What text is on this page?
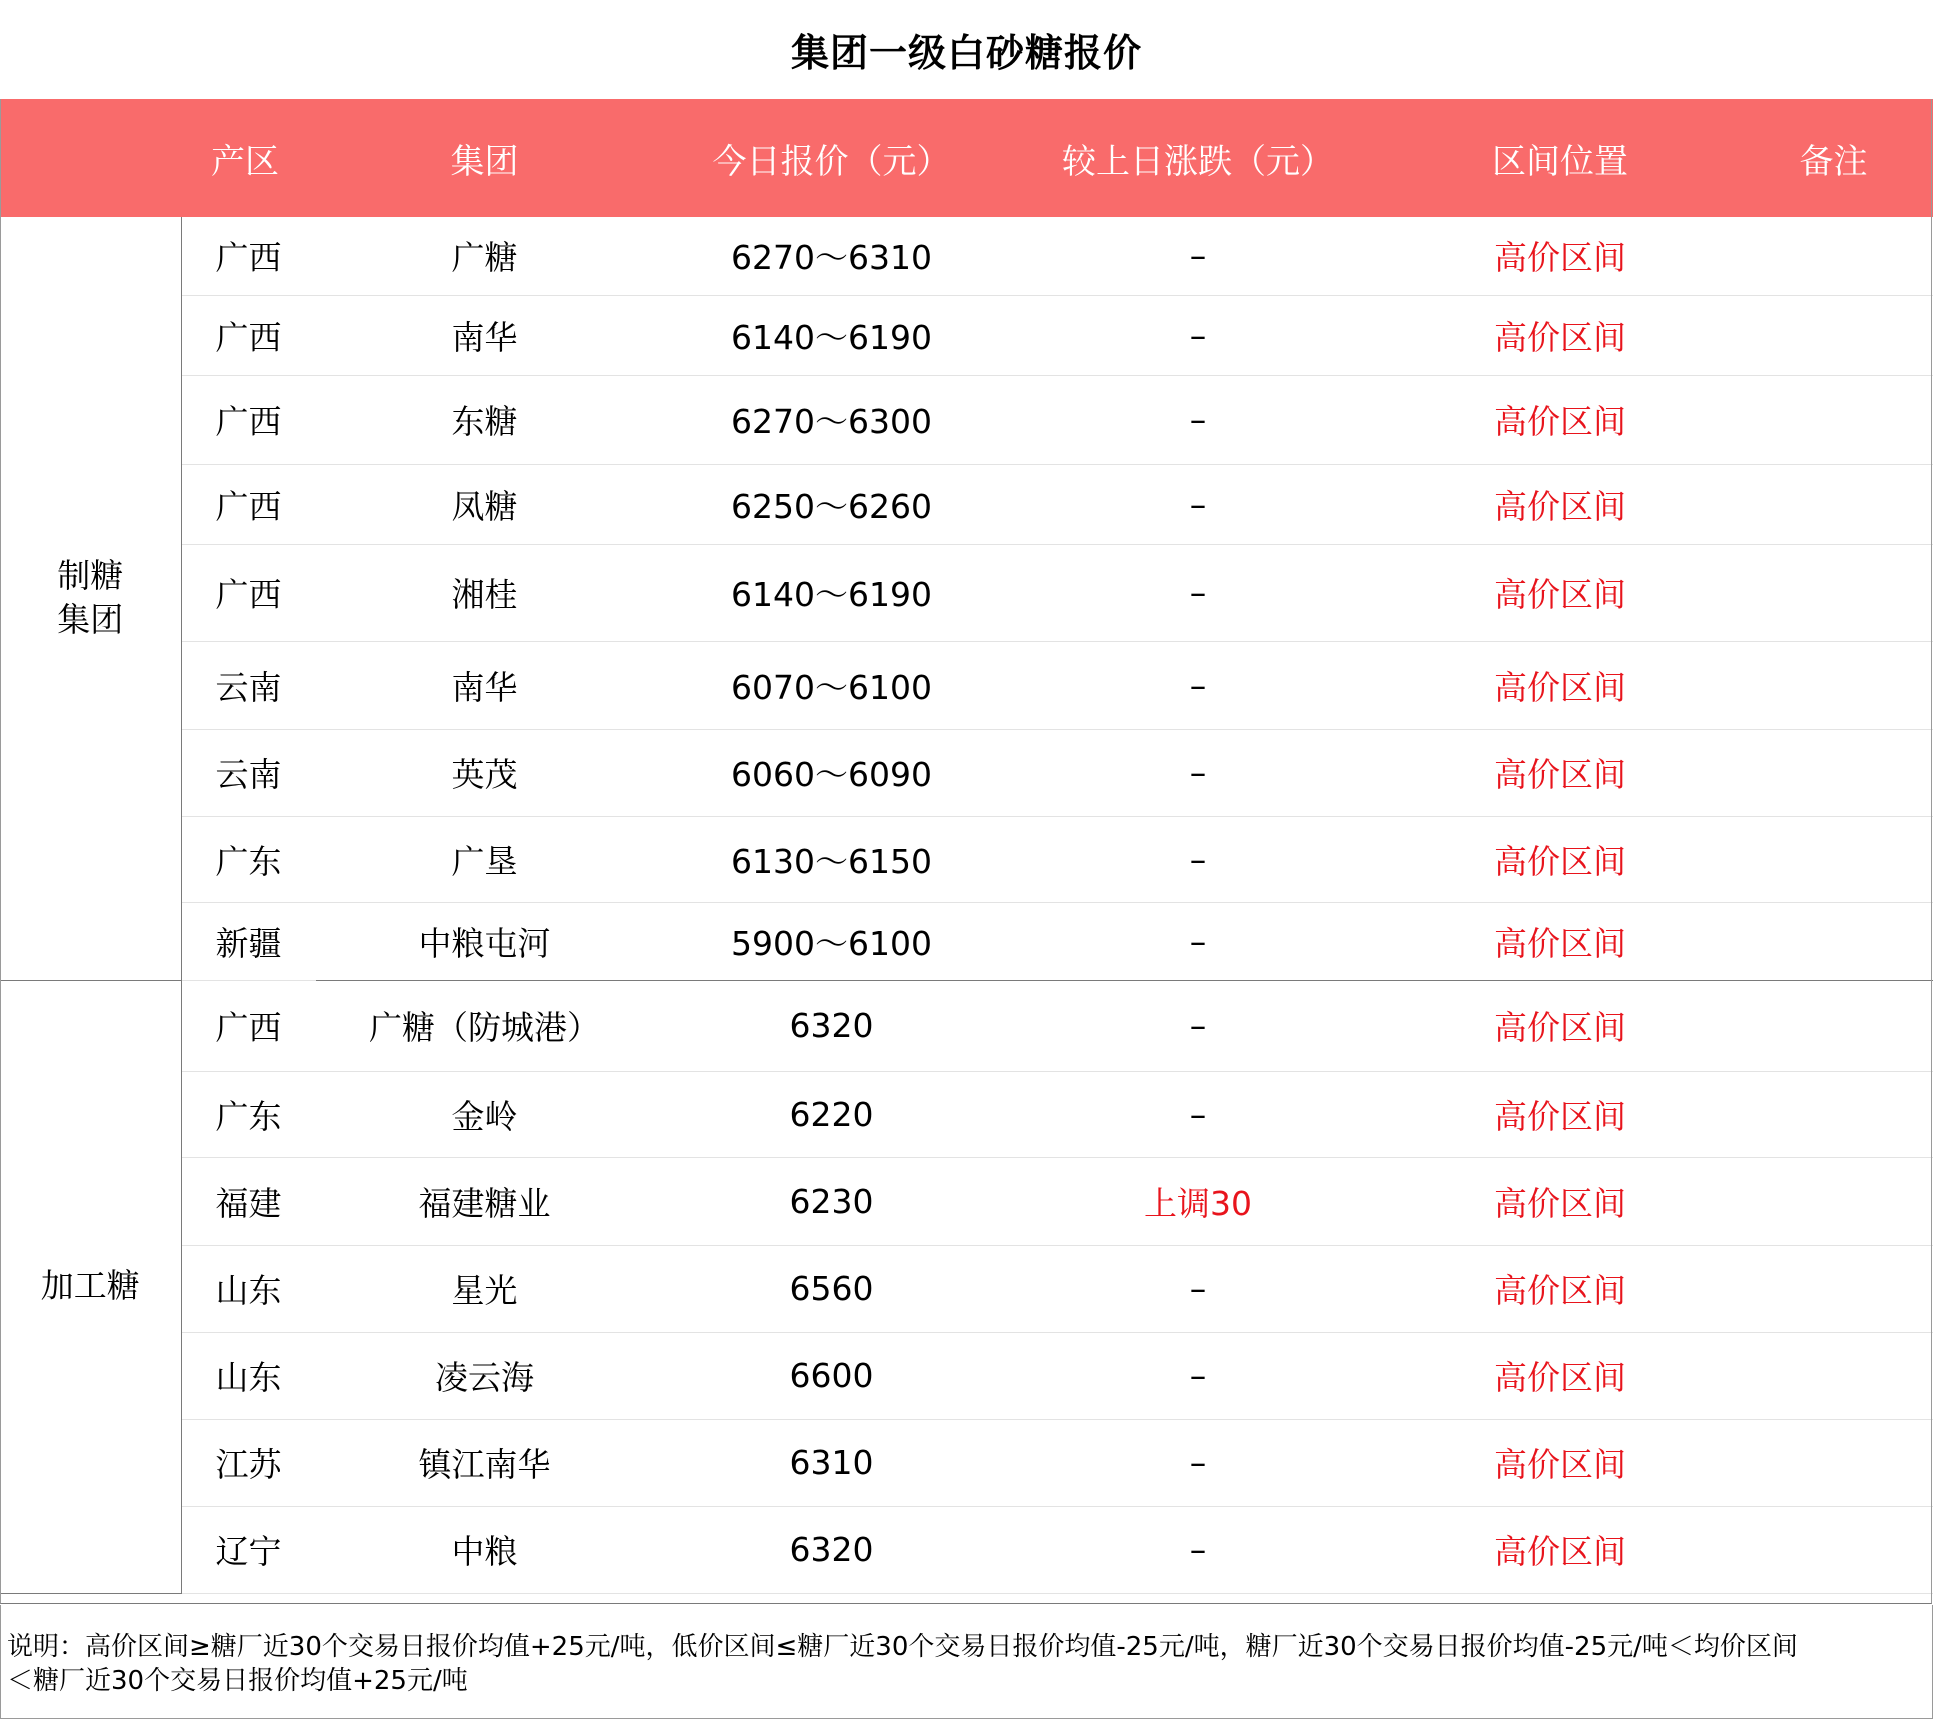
集团一级白砂糖报价
	产区	集团	今日报价（元）	较上日涨跌（元）	区间位置	备注
制糖
集团	广西	广糖	6270～6310	–	高价区间	
	广西	南华	6140～6190	–	高价区间	
	广西	东糖	6270～6300	–	高价区间	
	广西	凤糖	6250～6260	–	高价区间	
	广西	湘桂	6140～6190	–	高价区间	
	云南	南华	6070～6100	–	高价区间	
	云南	英茂	6060～6090	–	高价区间	
	广东	广垦	6130～6150	–	高价区间	
	新疆	中粮屯河	5900～6100	–	高价区间	
加工糖	广西	广糖（防城港）	6320	–	高价区间	
	广东	金岭	6220	–	高价区间	
	福建	福建糖业	6230	上调30	高价区间	
	山东	星光	6560	–	高价区间	
	山东	凌云海	6600	–	高价区间	
	江苏	镇江南华	6310	–	高价区间	
	辽宁	中粮	6320	–	高价区间	
说明：高价区间≥糖厂近30个交易日报价均值+25元/吨，低价区间≤糖厂近30个交易日报价均值-25元/吨，糖厂近30个交易日报价均值-25元/吨＜均价区间
＜糖厂近30个交易日报价均值+25元/吨
